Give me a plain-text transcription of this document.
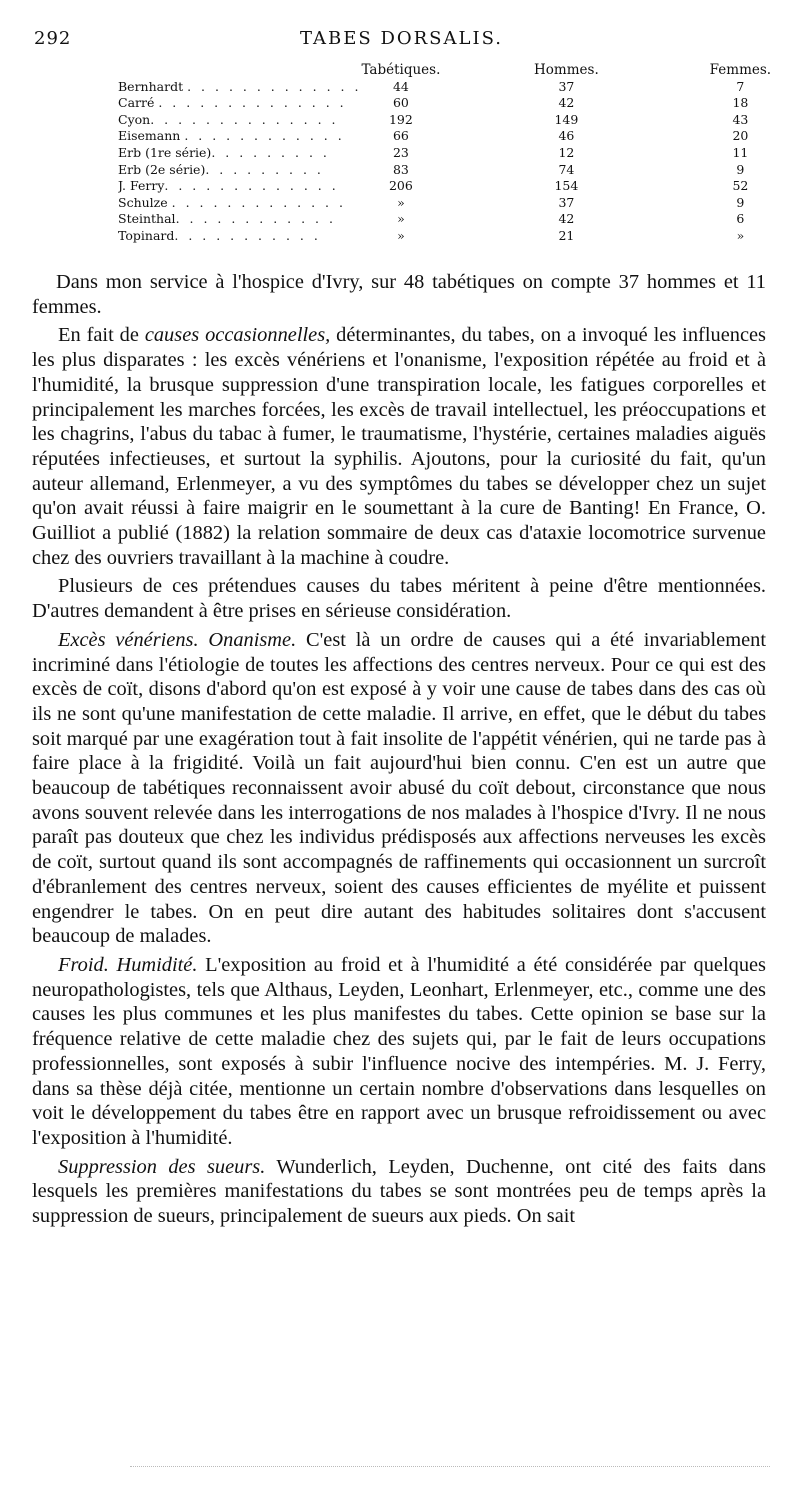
292	TABES DORSALIS.
	Tabétiques.	Hommes.	Femmes.
Bernhardt . . . . . . . . . . . . .	44	37	7
Carré . . . . . . . . . . . . . .	60	42	18
Cyon. . . . . . . . . . . . . .	192	149	43
Eisemann . . . . . . . . . . . .	66	46	20
Erb (1re série). . . . . . . . .	23	12	11
Erb (2e série). . . . . . . . .	83	74	9
J. Ferry. . . . . . . . . . . . .	206	154	52
Schulze . . . . . . . . . . . . .	»	37	9
Steinthal. . . . . . . . . . . .	»	42	6
Topinard. . . . . . . . . . .	»	21	»

Dans mon service à l'hospice d'Ivry, sur 48 tabétiques on compte 37 hommes et 11 femmes.

En fait de causes occasionnelles, déterminantes, du tabes, on a invoqué les influences les plus disparates : les excès vénériens et l'onanisme, l'exposition répétée au froid et à l'humidité, la brusque suppression d'une transpiration locale, les fatigues corporelles et principalement les marches forcées, les excès de travail intellectuel, les préoccupations et les chagrins, l'abus du tabac à fumer, le traumatisme, l'hystérie, certaines maladies aiguës réputées infectieuses, et surtout la syphilis. Ajoutons, pour la curiosité du fait, qu'un auteur allemand, Erlenmeyer, a vu des symptômes du tabes se développer chez un sujet qu'on avait réussi à faire maigrir en le soumettant à la cure de Banting! En France, O. Guilliot a publié (1882) la relation sommaire de deux cas d'ataxie locomotrice survenue chez des ouvriers travaillant à la machine à coudre.

Plusieurs de ces prétendues causes du tabes méritent à peine d'être mentionnées. D'autres demandent à être prises en sérieuse considération.

Excès vénériens. Onanisme. C'est là un ordre de causes qui a été invariablement incriminé dans l'étiologie de toutes les affections des centres nerveux. Pour ce qui est des excès de coït, disons d'abord qu'on est exposé à y voir une cause de tabes dans des cas où ils ne sont qu'une manifestation de cette maladie. Il arrive, en effet, que le début du tabes soit marqué par une exagération tout à fait insolite de l'appétit vénérien, qui ne tarde pas à faire place à la frigidité. Voilà un fait aujourd'hui bien connu. C'en est un autre que beaucoup de tabétiques reconnaissent avoir abusé du coït debout, circonstance que nous avons souvent relevée dans les interrogations de nos malades à l'hospice d'Ivry. Il ne nous paraît pas douteux que chez les individus prédisposés aux affections nerveuses les excès de coït, surtout quand ils sont accompagnés de raffinements qui occasionnent un surcroît d'ébranlement des centres nerveux, soient des causes efficientes de myélite et puissent engendrer le tabes. On en peut dire autant des habitudes solitaires dont s'accusent beaucoup de malades.

Froid. Humidité. L'exposition au froid et à l'humidité a été considérée par quelques neuropathologistes, tels que Althaus, Leyden, Leonhart, Erlenmeyer, etc., comme une des causes les plus communes et les plus manifestes du tabes. Cette opinion se base sur la fréquence relative de cette maladie chez des sujets qui, par le fait de leurs occupations professionnelles, sont exposés à subir l'influence nocive des intempéries. M. J. Ferry, dans sa thèse déjà citée, mentionne un certain nombre d'observations dans lesquelles on voit le développement du tabes être en rapport avec un brusque refroidissement ou avec l'exposition à l'humidité.

Suppression des sueurs. Wunderlich, Leyden, Duchenne, ont cité des faits dans lesquels les premières manifestations du tabes se sont montrées peu de temps après la suppression de sueurs, principalement de sueurs aux pieds. On sait
